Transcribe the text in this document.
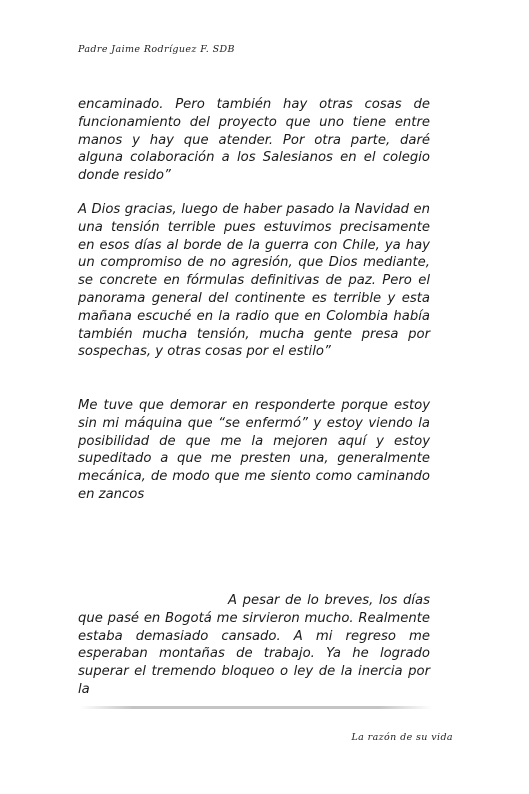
Padre Jaime Rodríguez F. SDB

encaminado. Pero también hay otras cosas de funcionamiento del proyecto que uno tiene entre manos y hay que atender. Por otra parte, daré alguna colaboración a los Salesianos en el colegio donde resido”

A Dios gracias, luego de haber pasado la Navidad en una tensión terrible pues estuvimos precisamente en esos días al borde de la guerra con Chile, ya hay un compromiso de no agresión, que Dios mediante, se concrete en fórmulas definitivas de paz. Pero el panorama general del continente es terrible y esta mañana escuché en la radio que en Colombia había también mucha tensión, mucha gente presa por sospechas, y otras cosas por el estilo”

Me tuve que demorar en responderte porque estoy sin mi máquina que “se enfermó” y estoy viendo la posibilidad de que me la mejoren aquí y estoy supeditado a que me presten una, generalmente mecánica, de modo que me siento como caminando en zancos

A pesar de lo breves, los días que pasé en Bogotá me sirvieron mucho. Realmente estaba demasiado cansado. A mi regreso me esperaban montañas de trabajo. Ya he logrado superar el tremendo bloqueo o ley de la inercia por la

La razón de su vida
